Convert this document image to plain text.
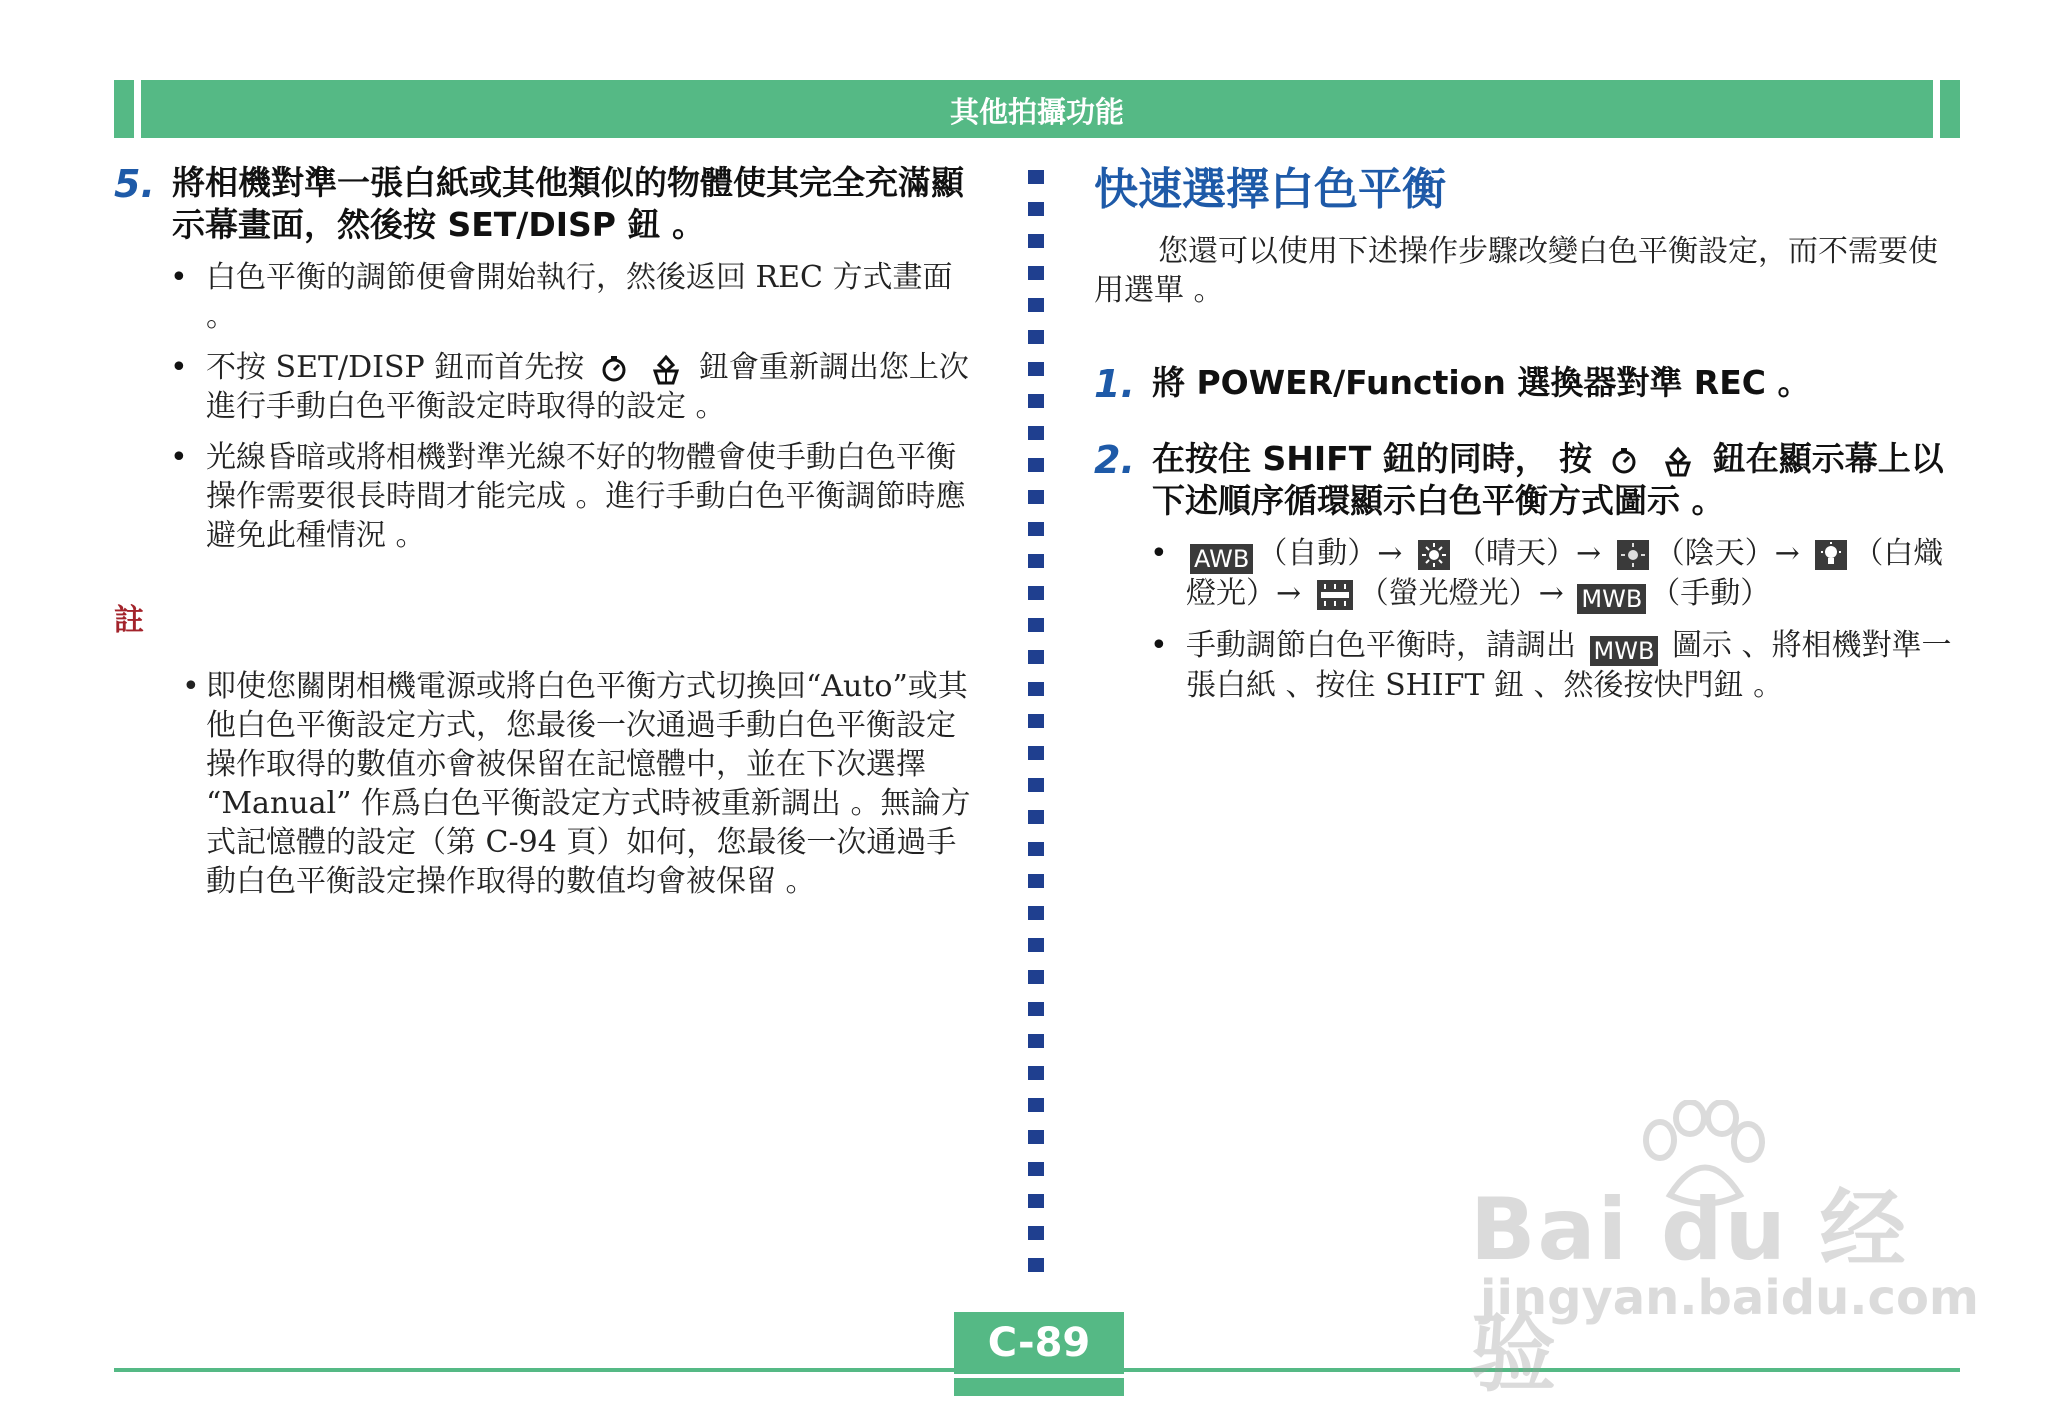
其他拍攝功能
5. 將相機對準一張白紙或其他類似的物體使其完全充滿顯示幕畫面，然後按 SET/DISP 鈕 。
• 白色平衡的調節便會開始執行，然後返回 REC 方式畫面 。
• 不按 SET/DISP 鈕而首先按	鈕會重新調出您上次進行手動白色平衡設定時取得的設定 。
• 光線昏暗或將相機對準光線不好的物體會使手動白色平衡操作需要很長時間才能完成 。進行手動白色平衡調節時應避免此種情況 。
註
• 即使您關閉相機電源或將白色平衡方式切換回“Auto”或其他白色平衡設定方式，您最後一次通過手動白色平衡設定操作取得的數值亦會被保留在記憶體中，並在下次選擇 “Manual” 作爲白色平衡設定方式時被重新調出 。無論方式記憶體的設定（第 C-94 頁）如何，您最後一次通過手動白色平衡設定操作取得的數值均會被保留 。
快速選擇白色平衡
您還可以使用下述操作步驟改變白色平衡設定，而不需要使用選單 。
1. 將 POWER/Function 選換器對準 REC 。
2. 在按住 SHIFT 鈕的同時， 按	鈕在顯示幕上以下述順序循環顯示白色平衡方式圖示 。
• AWB （自動）→ （晴天）→ （陰天）→ （白熾燈光）→ （螢光燈光）→ MWB （手動）
• 手動調節白色平衡時，請調出 MWB 圖示 、將相機對準一張白紙 、按住 SHIFT 鈕 、然後按快門鈕 。
C-89
Bai du 经验
jingyan.baidu.com
